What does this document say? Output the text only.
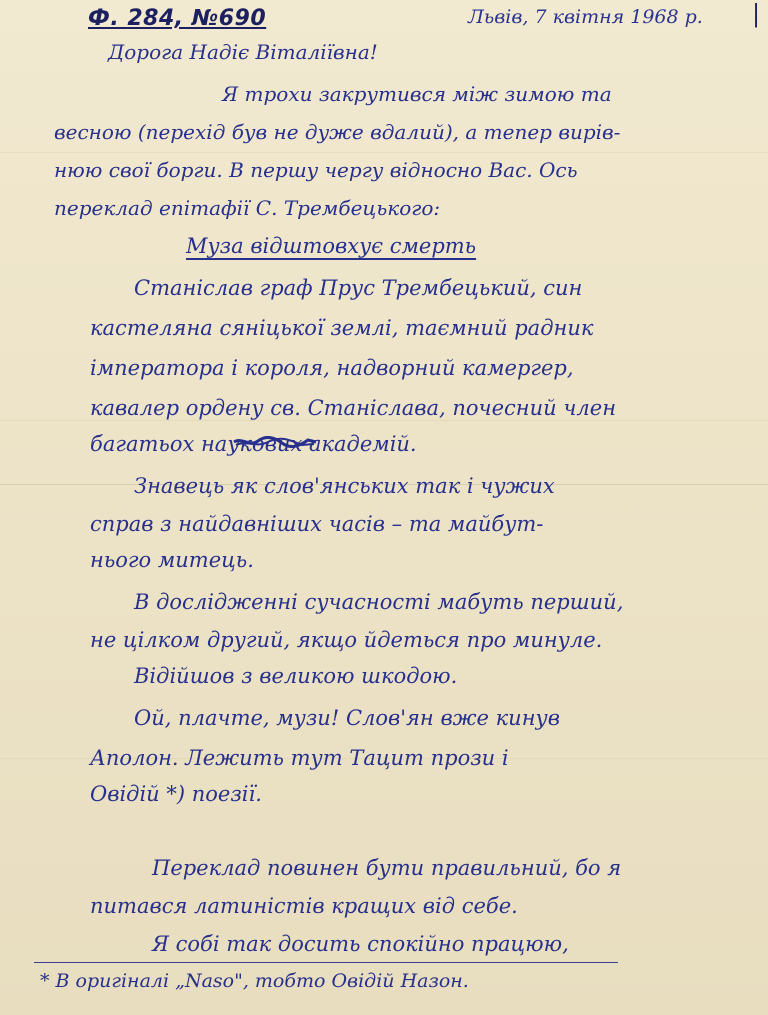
Ф. 284, №690	Львів, 7 квітня 1968 р. |
Дорога Надіє Віталіївна!
Я трохи закрутився між зимою та
весною (перехід був не дуже вдалий), а тепер вирів-
нюю свої борги. В першу чергу відносно Вас. Ось
переклад епітафії С. Трембецького:
Муза відштовхує смерть
Станіслав граф Прус Трембецький, син
кастеляна сяніцької землі, таємний радник
імператора і короля, надворний камергер,
кавалер ордену св. Станіслава, почесний член
багатьох наукових академій.
Знавець як слов'янських так і чужих
справ з найдавніших часів – та майбут-
нього митець.
В дослідженні сучасності мабуть перший,
не цілком другий, якщо йдеться про минуле.
Відійшов з великою шкодою.
Ой, плачте, музи! Слов'ян вже кинув
Аполон. Лежить тут Тацит прози і
Овідій *) поезії.
Переклад повинен бути правильний, бо я
питався латиністів кращих від себе.
Я собі так досить спокійно працюю,
* В оригіналі „Naso", тобто Овідій Назон.
